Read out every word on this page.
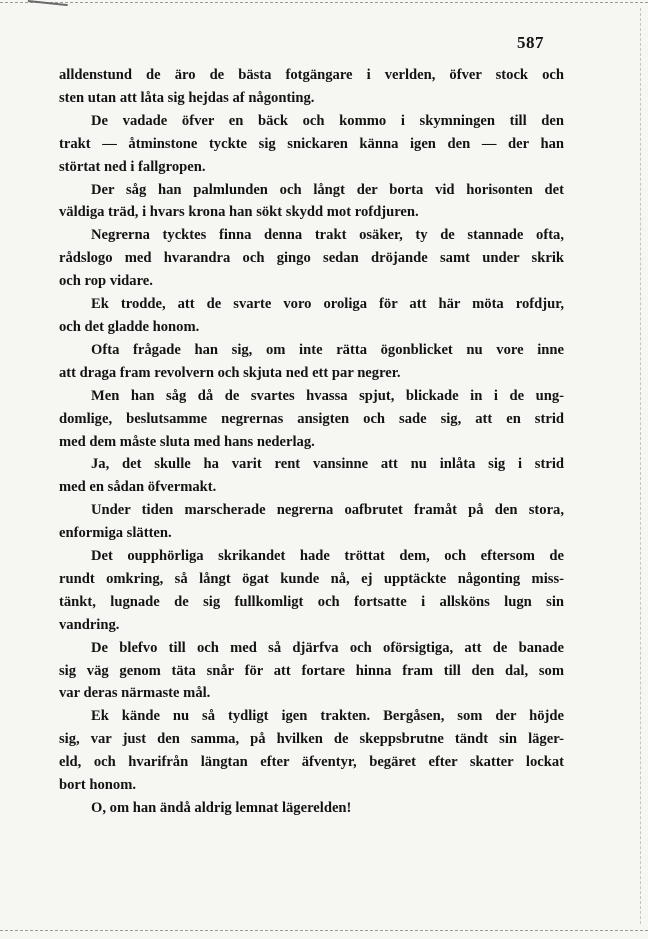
587

alldenstund de äro de bästa fotgängare i verlden, öfver stock och
sten utan att låta sig hejdas af någonting.

De vadade öfver en bäck och kommo i skymningen till den
trakt — åtminstone tyckte sig snickaren känna igen den — der han
störtat ned i fallgropen.

Der såg han palmlunden och långt der borta vid horisonten det
väldiga träd, i hvars krona han sökt skydd mot rofdjuren.

Negrerna tycktes finna denna trakt osäker, ty de stannade ofta,
rådslogo med hvarandra och gingo sedan dröjande samt under skrik
och rop vidare.

Ek trodde, att de svarte voro oroliga för att här möta rofdjur,
och det gladde honom.

Ofta frågade han sig, om inte rätta ögonblicket nu vore inne
att draga fram revolvern och skjuta ned ett par negrer.

Men han såg då de svartes hvassa spjut, blickade in i de ung-
domlige, beslutsamme negrernas ansigten och sade sig, att en strid
med dem måste sluta med hans nederlag.

Ja, det skulle ha varit rent vansinne att nu inlåta sig i strid
med en sådan öfvermakt.

Under tiden marscherade negrerna oafbrutet framåt på den stora,
enformiga slätten.

Det oupphörliga skrikandet hade tröttat dem, och eftersom de
rundt omkring, så långt ögat kunde nå, ej upptäckte någonting miss-
tänkt, lugnade de sig fullkomligt och fortsatte i allsköns lugn sin
vandring.

De blefvo till och med så djärfva och oförsigtiga, att de banade
sig väg genom täta snår för att fortare hinna fram till den dal, som
var deras närmaste mål.

Ek kände nu så tydligt igen trakten. Bergåsen, som der höjde
sig, var just den samma, på hvilken de skeppsbrutne tändt sin läger-
eld, och hvarifrån längtan efter äfventyr, begäret efter skatter lockat
bort honom.

O, om han ändå aldrig lemnat lägerelden!
